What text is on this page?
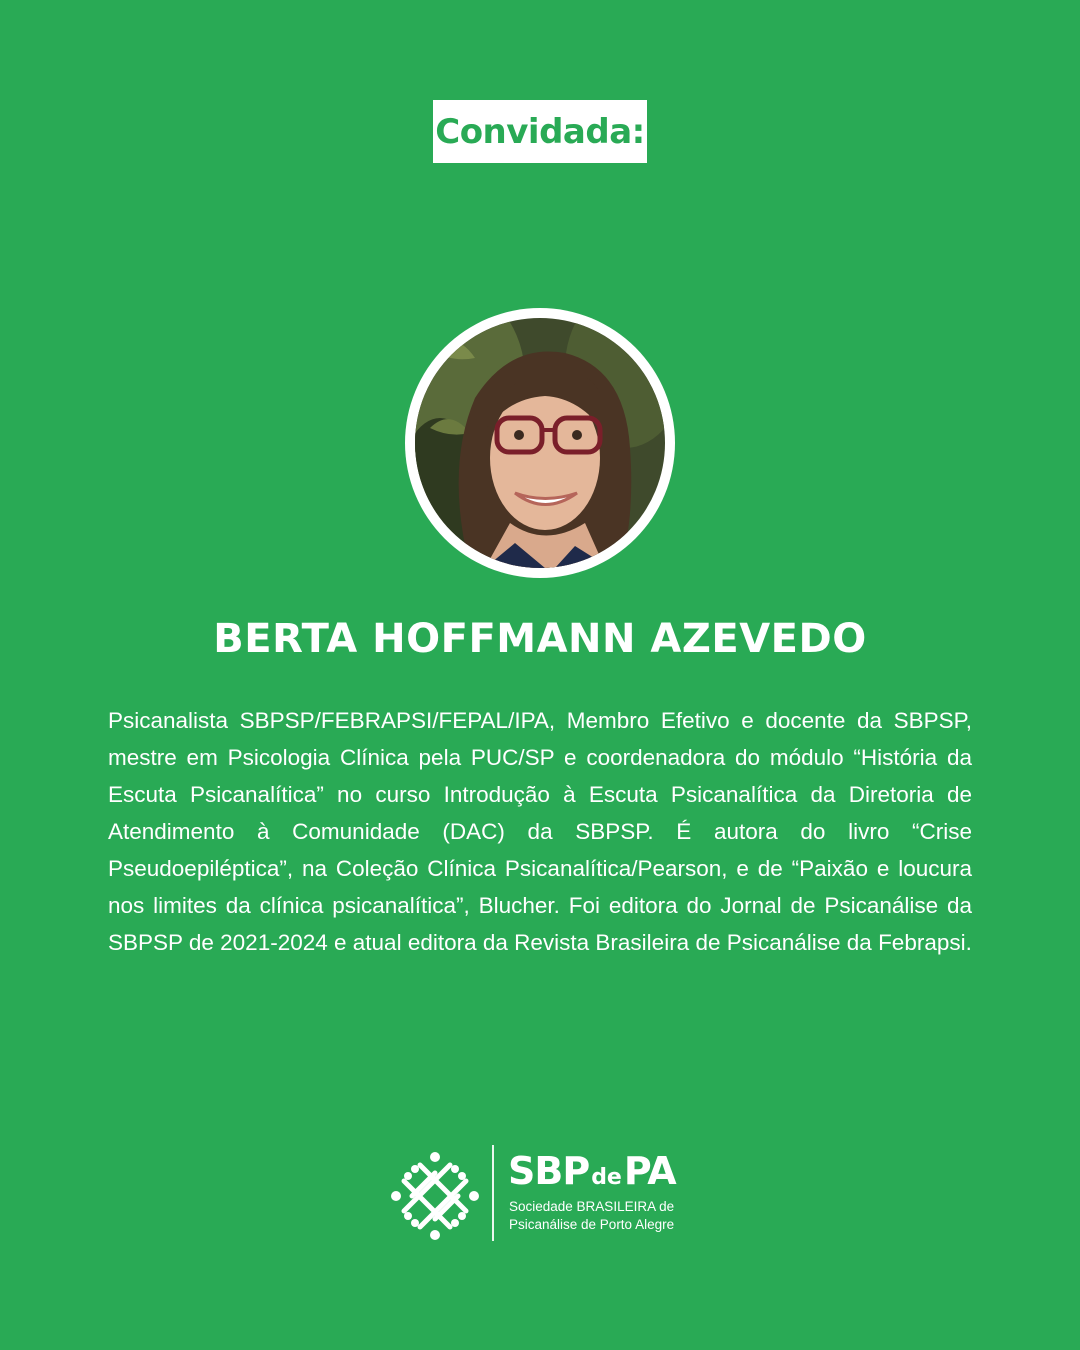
Convidada:
BERTA HOFFMANN AZEVEDO

Psicanalista SBPSP/FEBRAPSI/FEPAL/IPA, Membro Efetivo e docente da SBPSP, mestre em Psicologia Clínica pela PUC/SP e coordenadora do módulo “História da Escuta Psicanalítica” no curso Introdução à Escuta Psicanalítica da Diretoria de Atendimento à Comunidade (DAC) da SBPSP. É autora do livro “Crise Pseudoepiléptica”, na Coleção Clínica Psicanalítica/Pearson, e de “Paixão e loucura nos limites da clínica psicanalítica”, Blucher. Foi editora do Jornal de Psicanálise da SBPSP de 2021-2024 e atual editora da Revista Brasileira de Psicanálise da Febrapsi.

SBPdePA
Sociedade BRASILEIRA de
Psicanálise de Porto Alegre
